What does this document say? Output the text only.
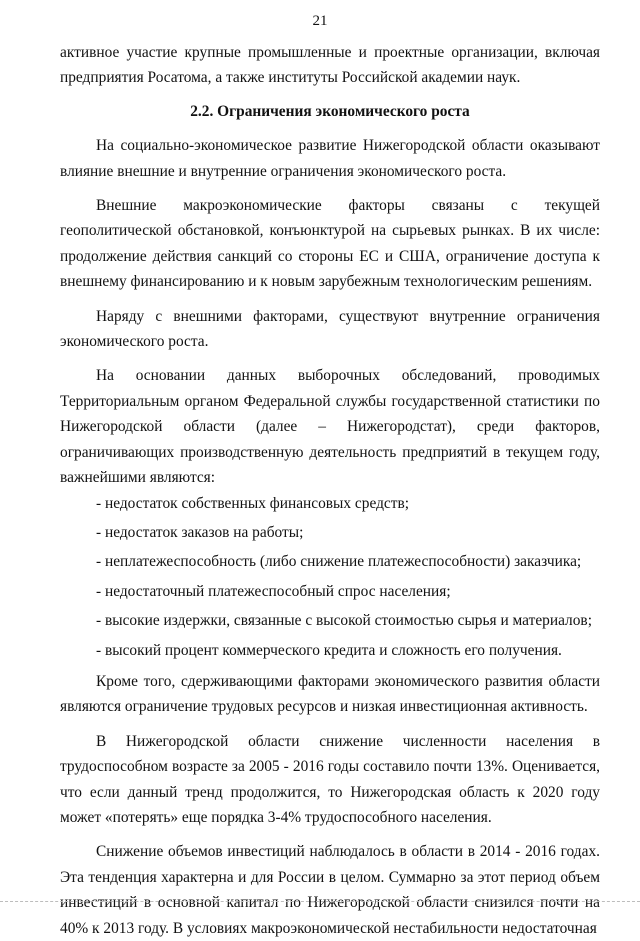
21

активное участие крупные промышленные и проектные организации, включая предприятия Росатома, а также институты Российской академии наук.

2.2. Ограничения экономического роста

На социально-экономическое развитие Нижегородской области оказывают влияние внешние и внутренние ограничения экономического роста.

Внешние макроэкономические факторы связаны с текущей геополитической обстановкой, конъюнктурой на сырьевых рынках. В их числе: продолжение действия санкций со стороны ЕС и США, ограничение доступа к внешнему финансированию и к новым зарубежным технологическим решениям.

Наряду с внешними факторами, существуют внутренние ограничения экономического роста.

На основании данных выборочных обследований, проводимых Территориальным органом Федеральной службы государственной статистики по Нижегородской области (далее – Нижегородстат), среди факторов, ограничивающих производственную деятельность предприятий в текущем году, важнейшими являются:

- недостаток собственных финансовых средств;
- недостаток заказов на работы;
- неплатежеспособность (либо снижение платежеспособности) заказчика;
- недостаточный платежеспособный спрос населения;
- высокие издержки, связанные с высокой стоимостью сырья и материалов;
- высокий процент коммерческого кредита и сложность его получения.

Кроме того, сдерживающими факторами экономического развития области являются ограничение трудовых ресурсов и низкая инвестиционная активность.

В Нижегородской области снижение численности населения в трудоспособном возрасте за 2005 - 2016 годы составило почти 13%. Оценивается, что если данный тренд продолжится, то Нижегородская область к 2020 году может «потерять» еще порядка 3-4% трудоспособного населения.

Снижение объемов инвестиций наблюдалось в области в 2014 - 2016 годах. Эта тенденция характерна и для России в целом. Суммарно за этот период объем инвестиций в основной капитал по Нижегородской области снизился почти на 40% к 2013 году. В условиях макроэкономической нестабильности недостаточная
